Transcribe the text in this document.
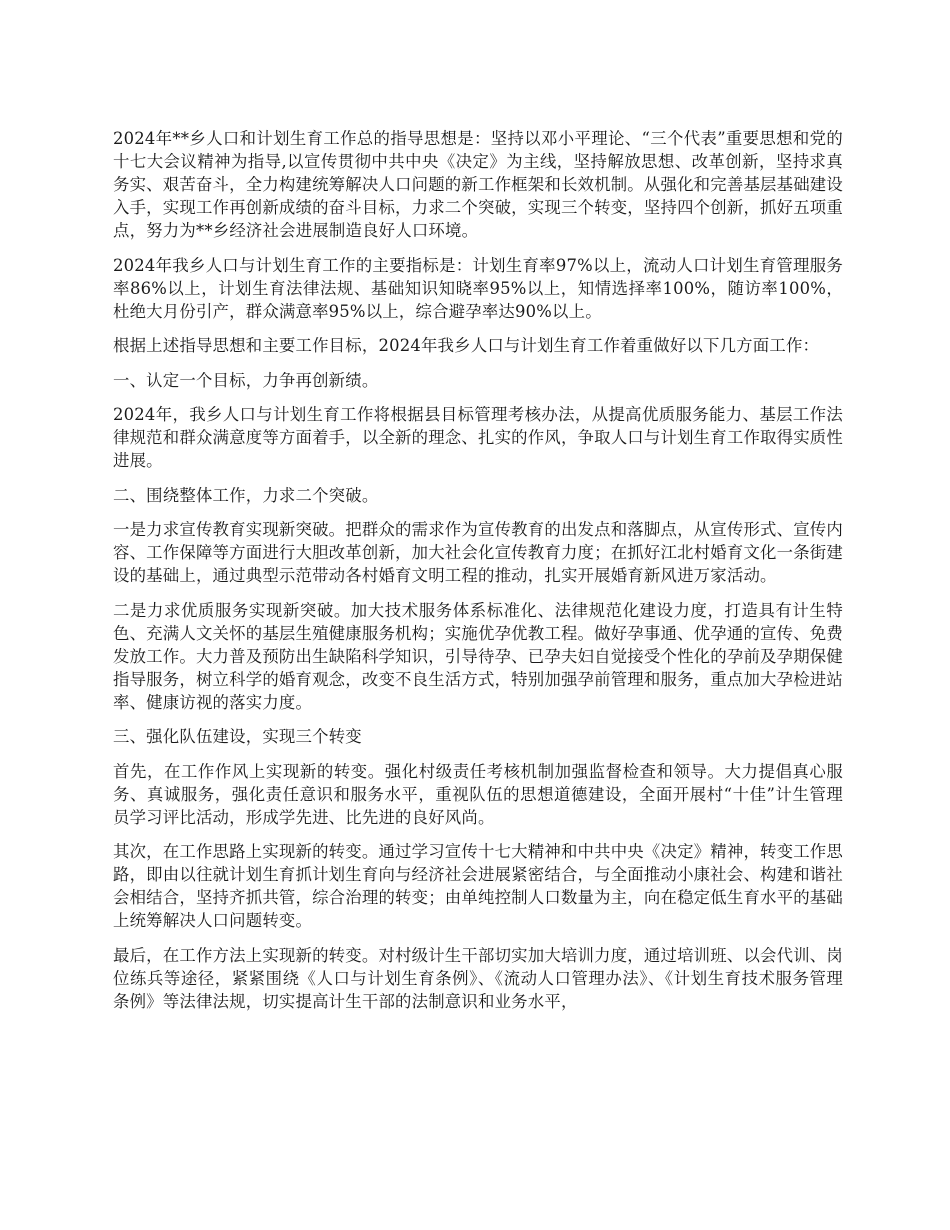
2024年**乡人口和计划生育工作总的指导思想是：坚持以邓小平理论、“三个代表”重要思想和党的十七大会议精神为指导,以宣传贯彻中共中央《决定》为主线，坚持解放思想、改革创新，坚持求真务实、艰苦奋斗，全力构建统筹解决人口问题的新工作框架和长效机制。从强化和完善基层基础建设入手，实现工作再创新成绩的奋斗目标，力求二个突破，实现三个转变，坚持四个创新，抓好五项重点，努力为**乡经济社会进展制造良好人口环境。

2024年我乡人口与计划生育工作的主要指标是：计划生育率97%以上，流动人口计划生育管理服务率86%以上，计划生育法律法规、基础知识知晓率95%以上，知情选择率100%，随访率100%，杜绝大月份引产，群众满意率95%以上，综合避孕率达90%以上。

根据上述指导思想和主要工作目标，2024年我乡人口与计划生育工作着重做好以下几方面工作：

一、认定一个目标，力争再创新绩。

2024年，我乡人口与计划生育工作将根据县目标管理考核办法，从提高优质服务能力、基层工作法律规范和群众满意度等方面着手，以全新的理念、扎实的作风，争取人口与计划生育工作取得实质性进展。

二、围绕整体工作，力求二个突破。

一是力求宣传教育实现新突破。把群众的需求作为宣传教育的出发点和落脚点，从宣传形式、宣传内容、工作保障等方面进行大胆改革创新，加大社会化宣传教育力度；在抓好江北村婚育文化一条街建设的基础上，通过典型示范带动各村婚育文明工程的推动，扎实开展婚育新风进万家活动。

二是力求优质服务实现新突破。加大技术服务体系标准化、法律规范化建设力度，打造具有计生特色、充满人文关怀的基层生殖健康服务机构；实施优孕优教工程。做好孕事通、优孕通的宣传、免费发放工作。大力普及预防出生缺陷科学知识，引导待孕、已孕夫妇自觉接受个性化的孕前及孕期保健指导服务，树立科学的婚育观念，改变不良生活方式，特别加强孕前管理和服务，重点加大孕检进站率、健康访视的落实力度。

三、强化队伍建设，实现三个转变

首先，在工作作风上实现新的转变。强化村级责任考核机制加强监督检查和领导。大力提倡真心服务、真诚服务，强化责任意识和服务水平，重视队伍的思想道德建设，全面开展村“十佳”计生管理员学习评比活动，形成学先进、比先进的良好风尚。

其次，在工作思路上实现新的转变。通过学习宣传十七大精神和中共中央《决定》精神，转变工作思路，即由以往就计划生育抓计划生育向与经济社会进展紧密结合，与全面推动小康社会、构建和谐社会相结合，坚持齐抓共管，综合治理的转变；由单纯控制人口数量为主，向在稳定低生育水平的基础上统筹解决人口问题转变。

最后，在工作方法上实现新的转变。对村级计生干部切实加大培训力度，通过培训班、以会代训、岗位练兵等途径，紧紧围绕《人口与计划生育条例》、《流动人口管理办法》、《计划生育技术服务管理条例》等法律法规，切实提高计生干部的法制意识和业务水平，
